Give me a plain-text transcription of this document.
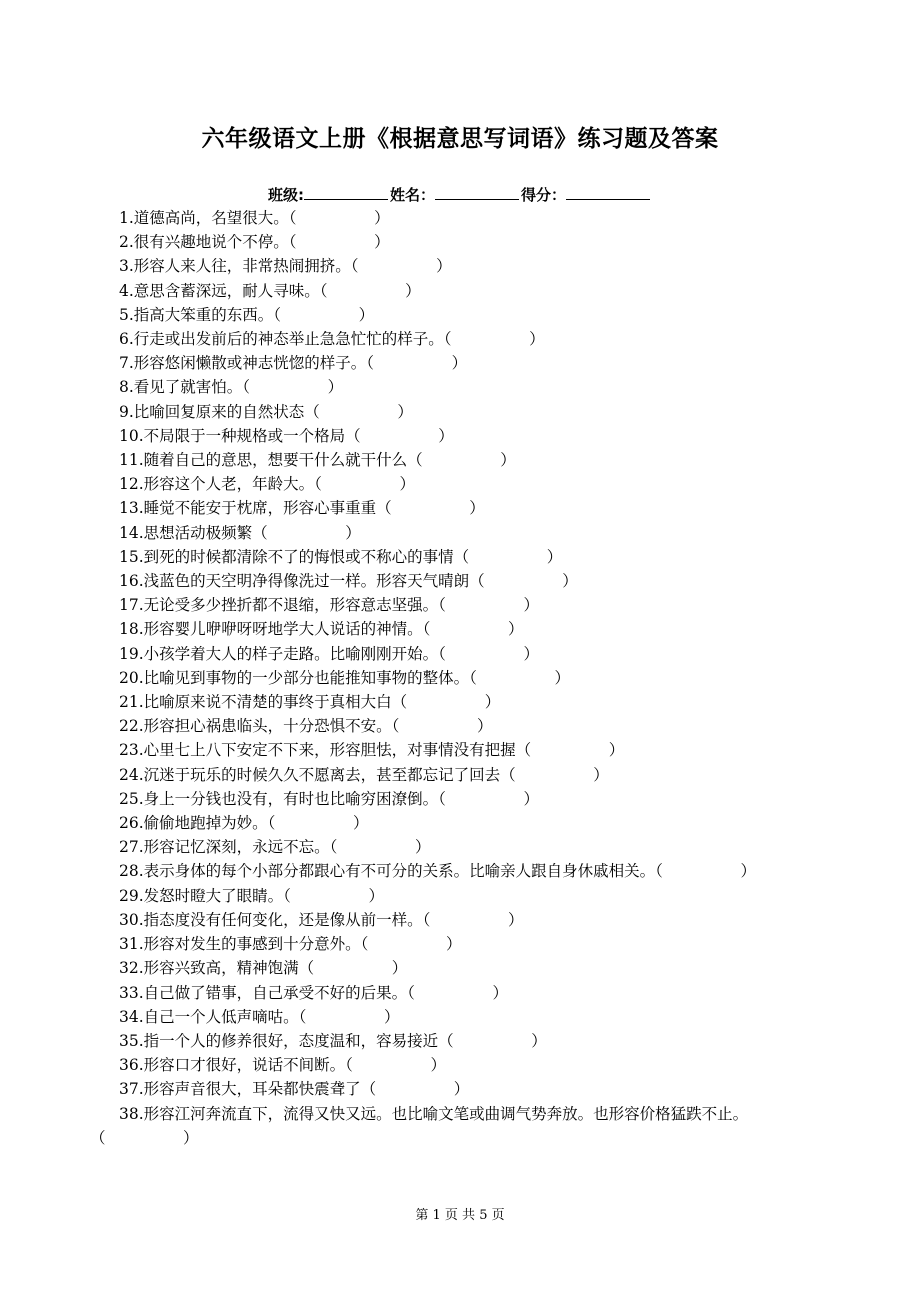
六年级语文上册《根据意思写词语》练习题及答案
班级:	姓名：	得分：
1.道德高尚，名望很大。（　　　　　	）
2.很有兴趣地说个不停。（　　　　　	）
3.形容人来人往，非常热闹拥挤。（　　　　　	）
4.意思含蓄深远，耐人寻味。（　　　　　	）
5.指高大笨重的东西。（　　　　　	）
6.行走或出发前后的神态举止急急忙忙的样子。（　　　　　	）
7.形容悠闲懒散或神志恍惚的样子。（　　　　　	）
8.看见了就害怕。（　　　　　	）
9.比喻回复原来的自然状态（　　　　　	）
10.不局限于一种规格或一个格局（　　　　　	）
11.随着自己的意思，想要干什么就干什么（　　　　　	）
12.形容这个人老，年龄大。（　　　　　	）
13.睡觉不能安于枕席，形容心事重重（　　　　　	）
14.思想活动极频繁（　　　　　	）
15.到死的时候都清除不了的悔恨或不称心的事情（　　　　　	）
16.浅蓝色的天空明净得像洗过一样。形容天气晴朗（　　　　　	）
17.无论受多少挫折都不退缩，形容意志坚强。（　　　　　	）
18.形容婴儿咿咿呀呀地学大人说话的神情。（　　　　　	）
19.小孩学着大人的样子走路。比喻刚刚开始。（　　　　　	）
20.比喻见到事物的一少部分也能推知事物的整体。（　　　　　	）
21.比喻原来说不清楚的事终于真相大白（　　　　　	）
22.形容担心祸患临头，十分恐惧不安。（　　　　　	）
23.心里七上八下安定不下来，形容胆怯，对事情没有把握（　　　　　	）
24.沉迷于玩乐的时候久久不愿离去，甚至都忘记了回去（　　　　　	）
25.身上一分钱也没有，有时也比喻穷困潦倒。（　　　　　	）
26.偷偷地跑掉为妙。（　　　　　	）
27.形容记忆深刻，永远不忘。（　　　　　	）
28.表示身体的每个小部分都跟心有不可分的关系。比喻亲人跟自身休戚相关。（　　　　　	）
29.发怒时瞪大了眼睛。（　　　　　	）
30.指态度没有任何变化，还是像从前一样。（　　　　　	）
31.形容对发生的事感到十分意外。（　　　　　	）
32.形容兴致高，精神饱满（　　　　　	）
33.自己做了错事，自己承受不好的后果。（　　　　　	）
34.自己一个人低声嘀咕。（　　　　　	）
35.指一个人的修养很好，态度温和，容易接近（　　　　　	）
36.形容口才很好，说话不间断。（　　　　　	）
37.形容声音很大，耳朵都快震聋了（　　　　　	）
38.形容江河奔流直下，流得又快又远。也比喻文笔或曲调气势奔放。也形容价格猛跌不止。（　　　　　	）
第 1 页 共 5 页
